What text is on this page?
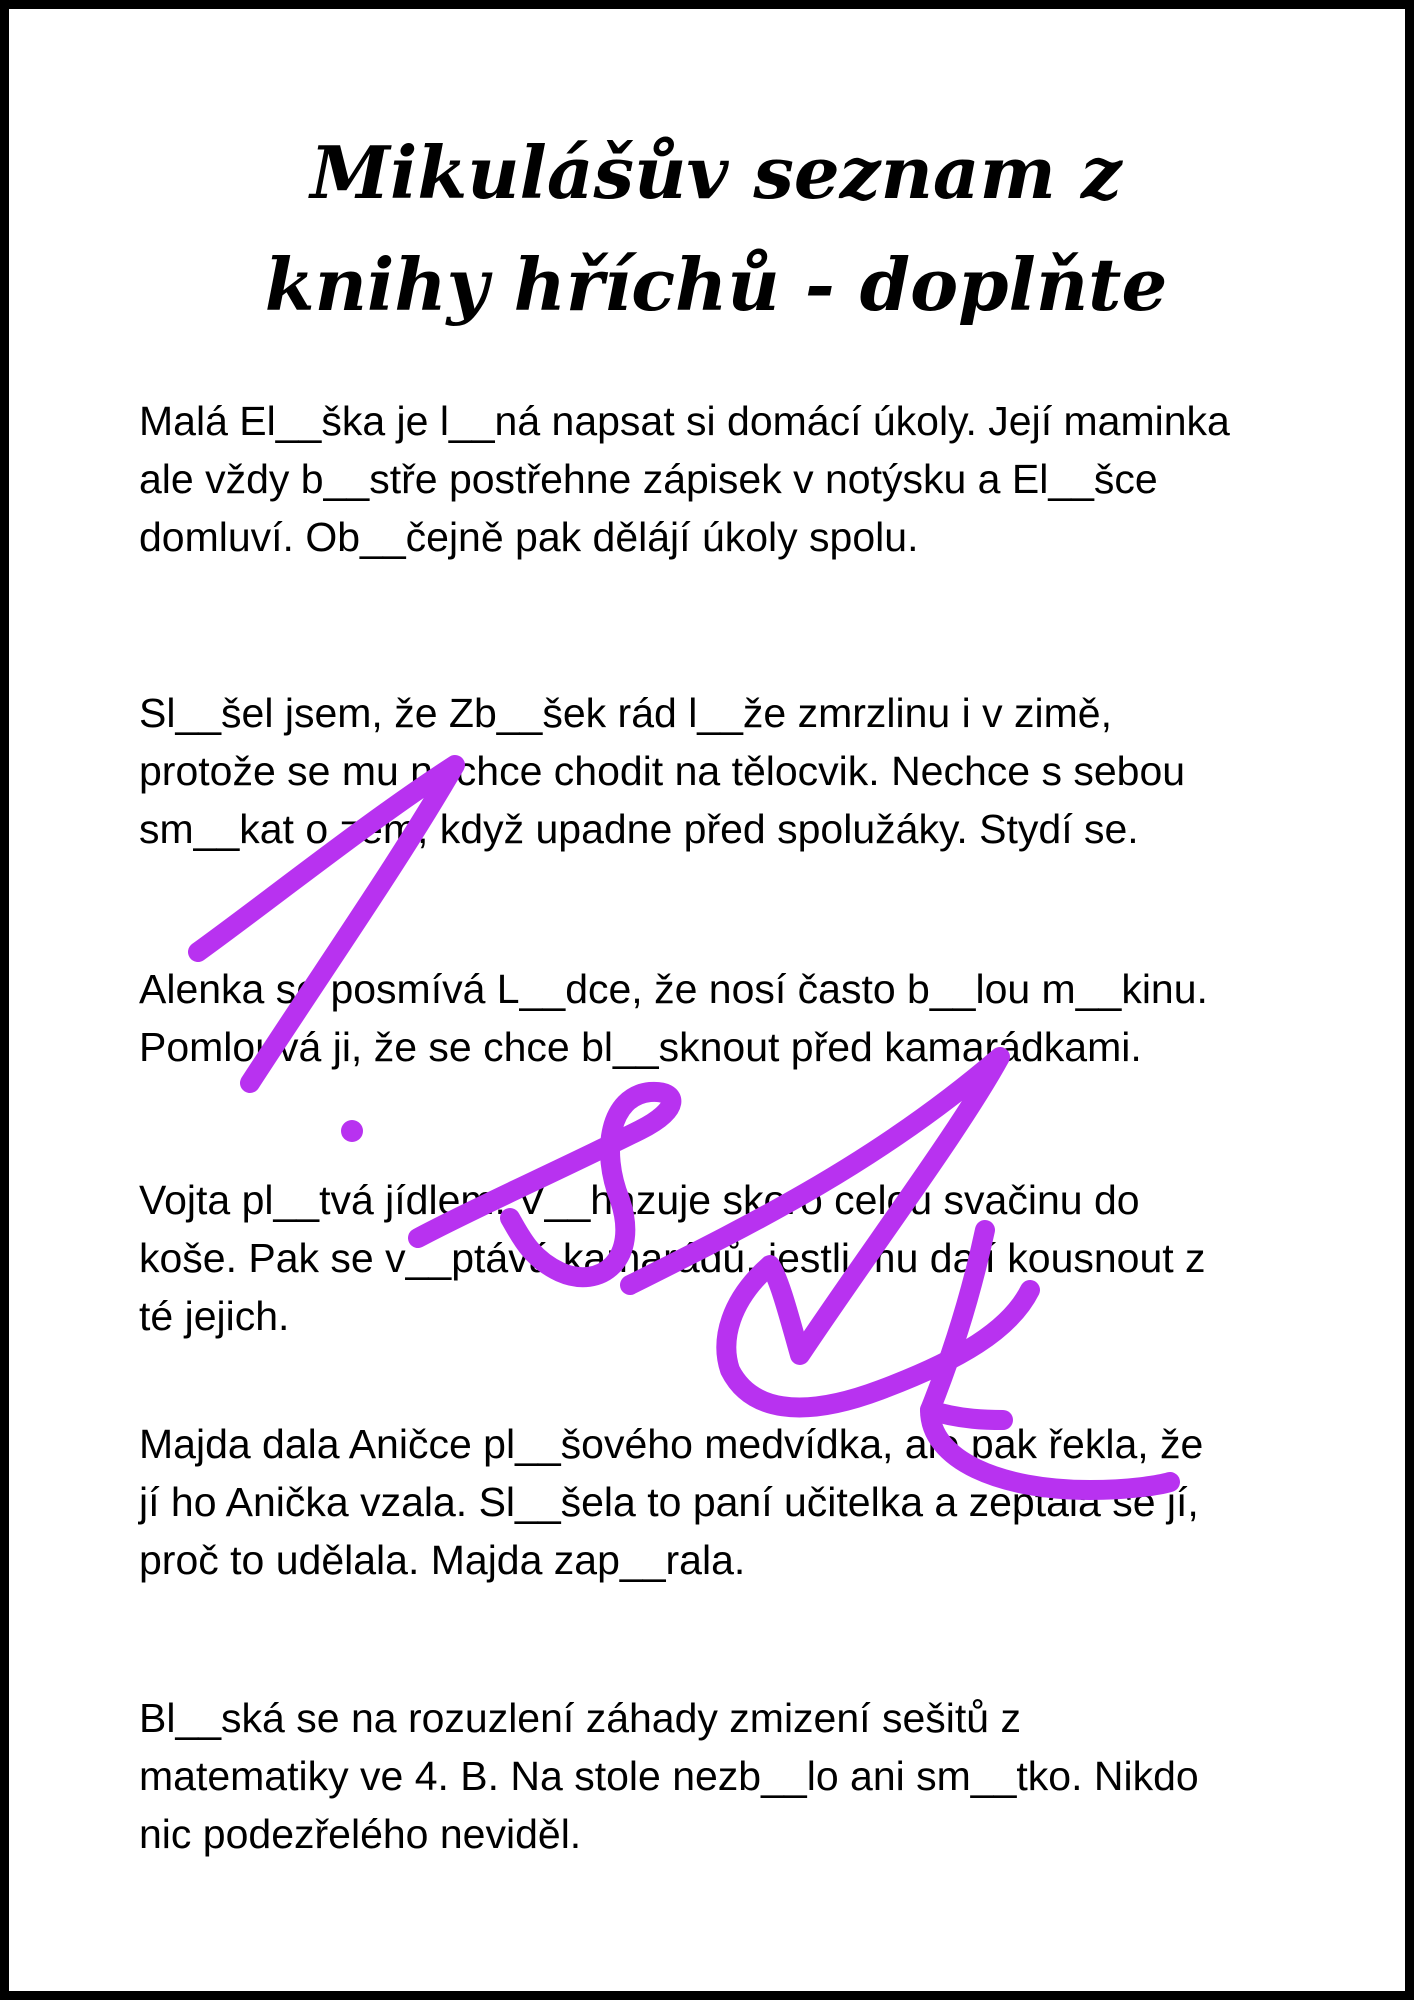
Mikulášův seznam z
knihy hříchů - doplňte
Malá El__ška je l__ná napsat si domácí úkoly. Její maminka
ale vždy b__stře postřehne zápisek v notýsku a El__šce
domluví. Ob__čejně pak dělájí úkoly spolu.
Sl__šel jsem, že Zb__šek rád l__že zmrzlinu i v zimě,
protože se mu nechce chodit na tělocvik. Nechce s sebou
sm__kat o zem, když upadne před spolužáky. Stydí se.
Alenka se posmívá L__dce, že nosí často b__lou m__kinu.
Pomlouvá ji, že se chce bl__sknout před kamarádkami.
Vojta pl__tvá jídlem. V__hazuje skoro celou svačinu do
koše. Pak se v__ptává kamarádů, jestli mu dají kousnout z
té jejich.
Majda dala Aničce pl__šového medvídka, ale pak řekla, že
jí ho Anička vzala. Sl__šela to paní učitelka a zeptala se jí,
proč to udělala. Majda zap__rala.
Bl__ská se na rozuzlení záhady zmizení sešitů z
matematiky ve 4. B. Na stole nezb__lo ani sm__tko. Nikdo
nic podezřelého neviděl.
